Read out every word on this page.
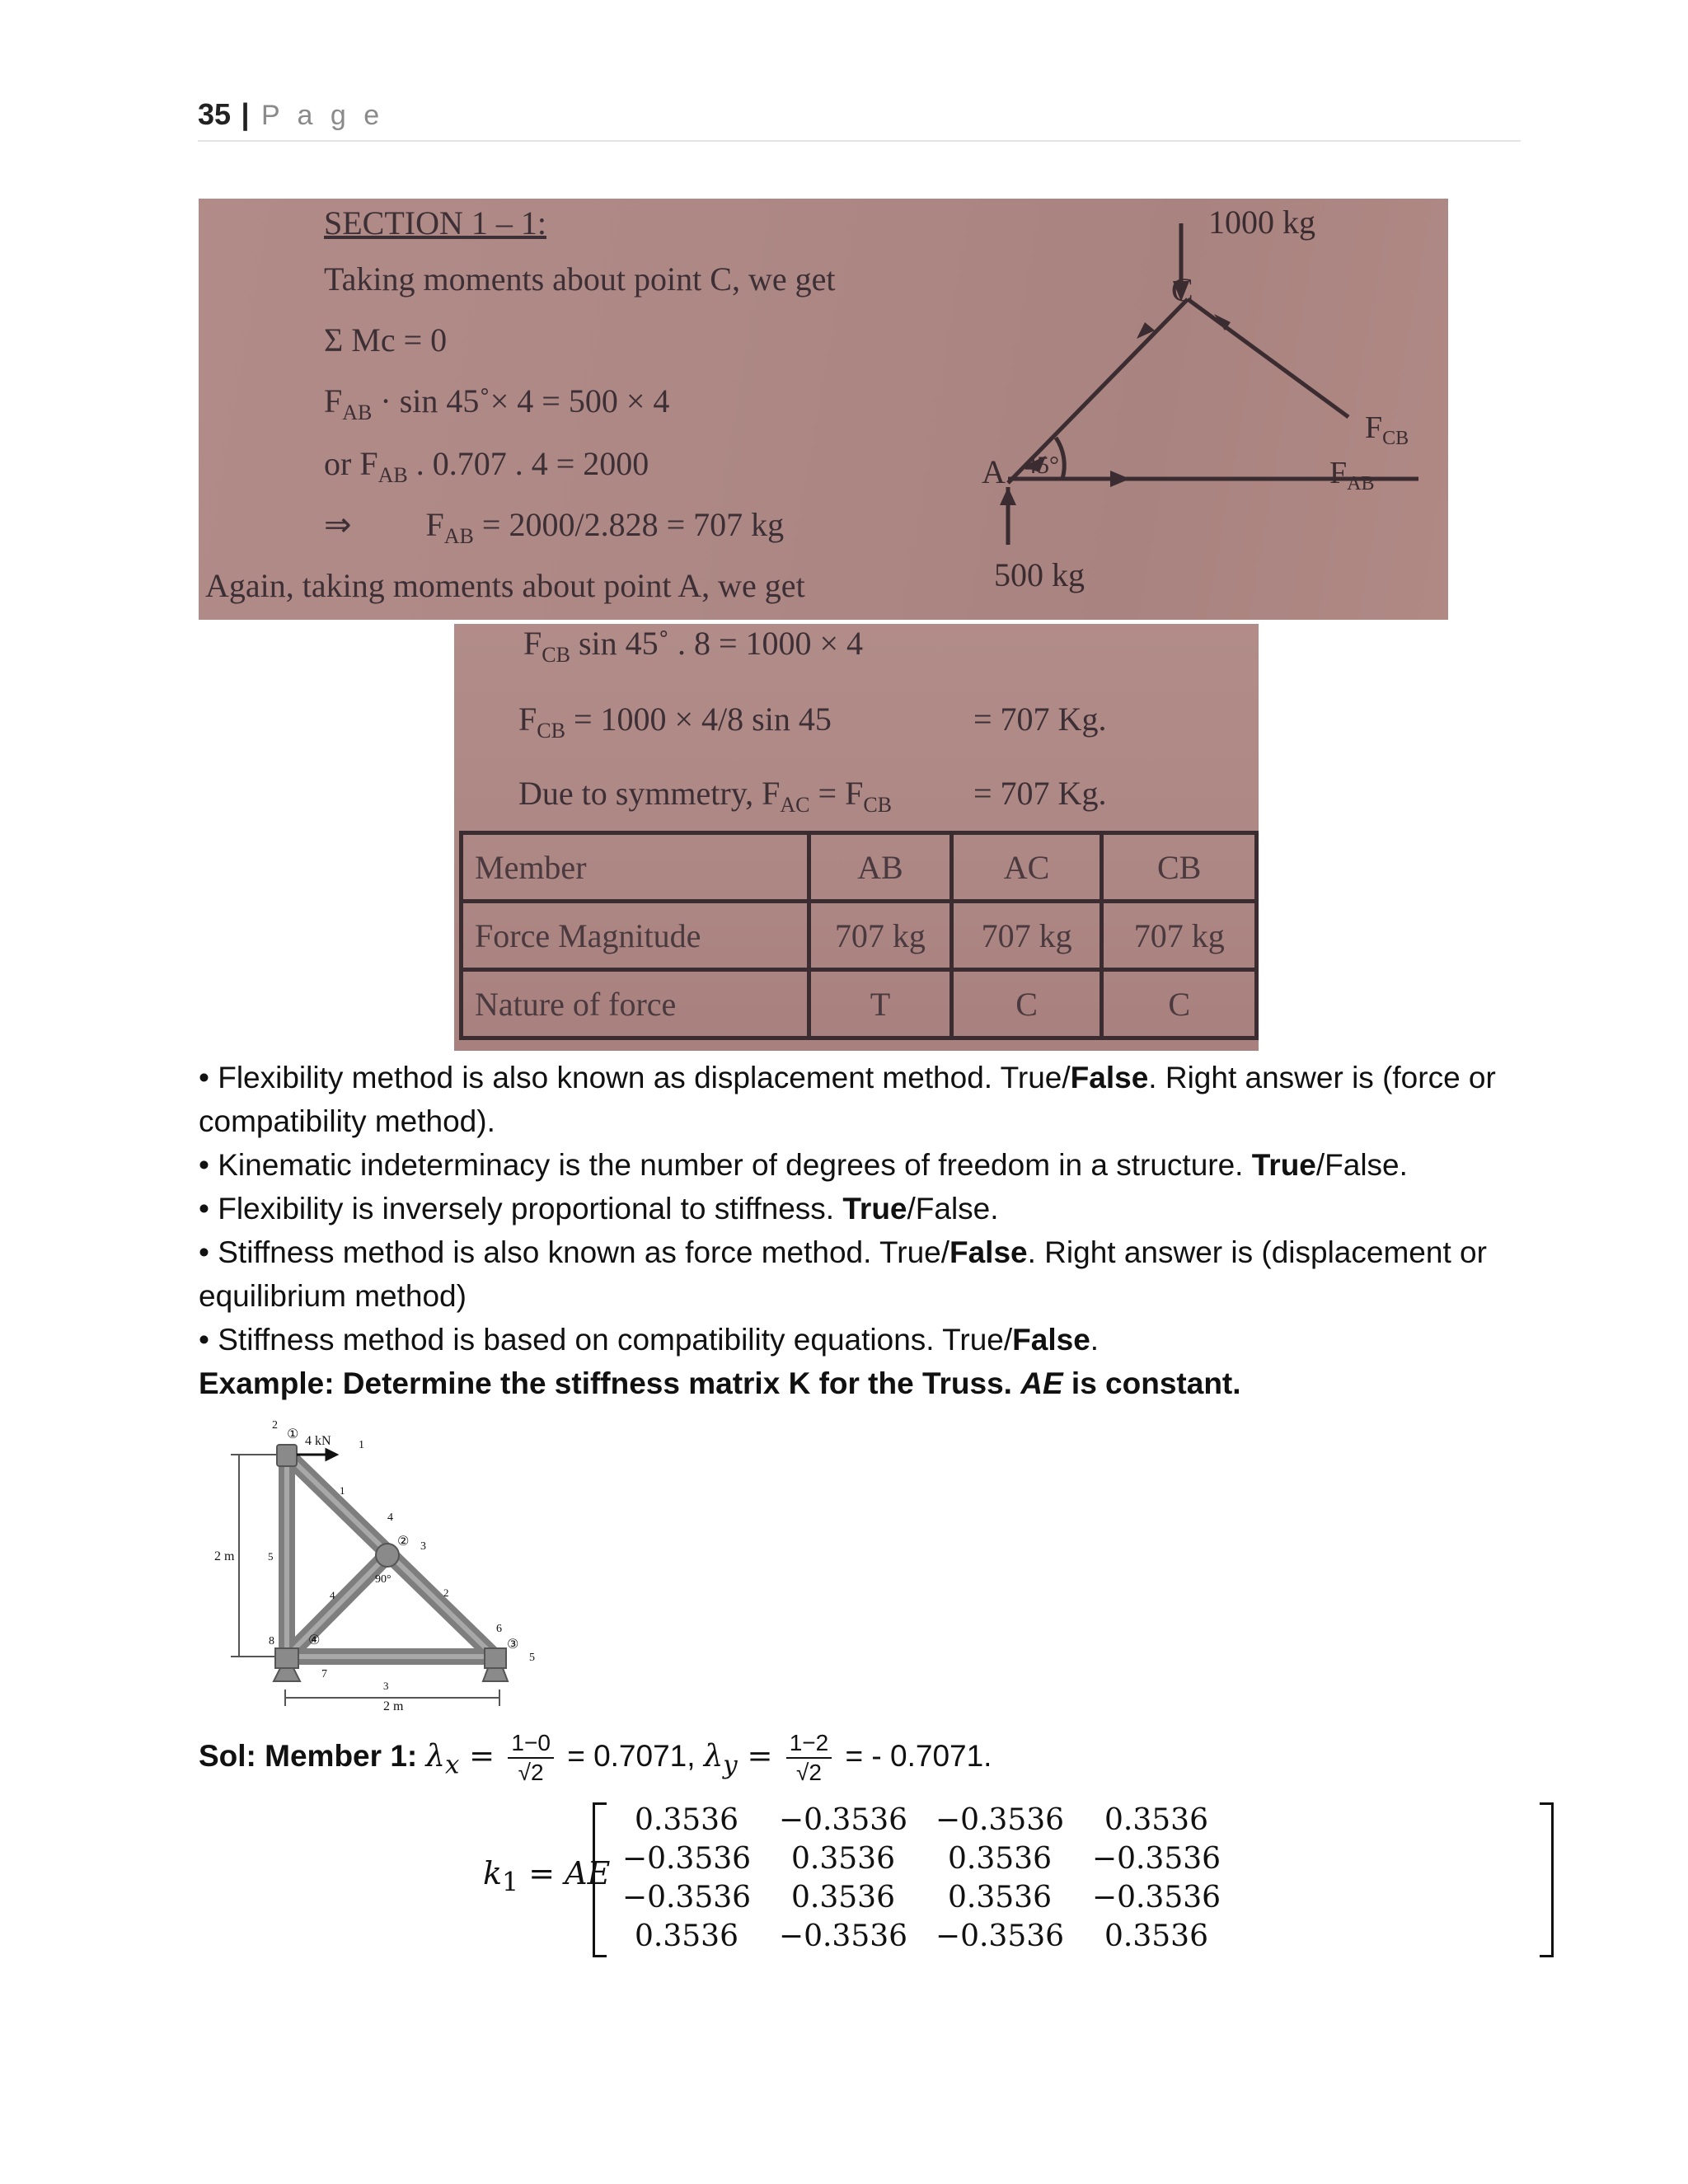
35 | P a g e
SECTION 1 – 1:
Taking moments about point C, we get
Σ Mc = 0
$F_{AB} \cdot \sin$ 45˚× 4 = 500 × 4
or $F_{AB}$ . 0.707 . 4 = 2000
⇒ $F_{AB} = 2000/2.828 = 707$ kg
Again, taking moments about point A, we get
1000 kg
C
A 45°
$F_{CB}$
$F_{AB}$
500 kg
$F_{CB}$ sin 45˚ . 8 = 1000 × 4
$F_{CB} = 1000 \times 4/8$ sin 45	= 707 Kg.
Due to symmetry, $F_{AC} = F_{CB} = 707$ Kg.
Member	AB	AC	CB
Force Magnitude	707 kg	707 kg	707 kg
Nature of force	T	C	C
• Flexibility method is also known as displacement method. True/False. Right answer is (force or compatibility method).
• Kinematic indeterminacy is the number of degrees of freedom in a structure. True/False.
• Flexibility is inversely proportional to stiffness. True/False.
• Stiffness method is also known as force method. True/False. Right answer is (displacement or equilibrium method)
• Stiffness method is based on compatibility equations. True/False.
Example: Determine the stiffness matrix K for the Truss. AE is constant.
4 kN
2 m
2 m
90°
①
②
③
④
1
2
3
4
5
1
2
3
4
5
6
7
8
Sol: Member 1: $\lambda_x = \frac{1-0}{√2} = 0.7071$, $\lambda_y = \frac{1-2}{√2}$ = - 0.7071.
$k_1$ = AE
0.3536	−0.3536 −0.3536	0.3536
−0.3536	0.3536	0.3536	−0.3536
−0.3536	0.3536	0.3536	−0.3536
0.3536	−0.3536 −0.3536	0.3536
